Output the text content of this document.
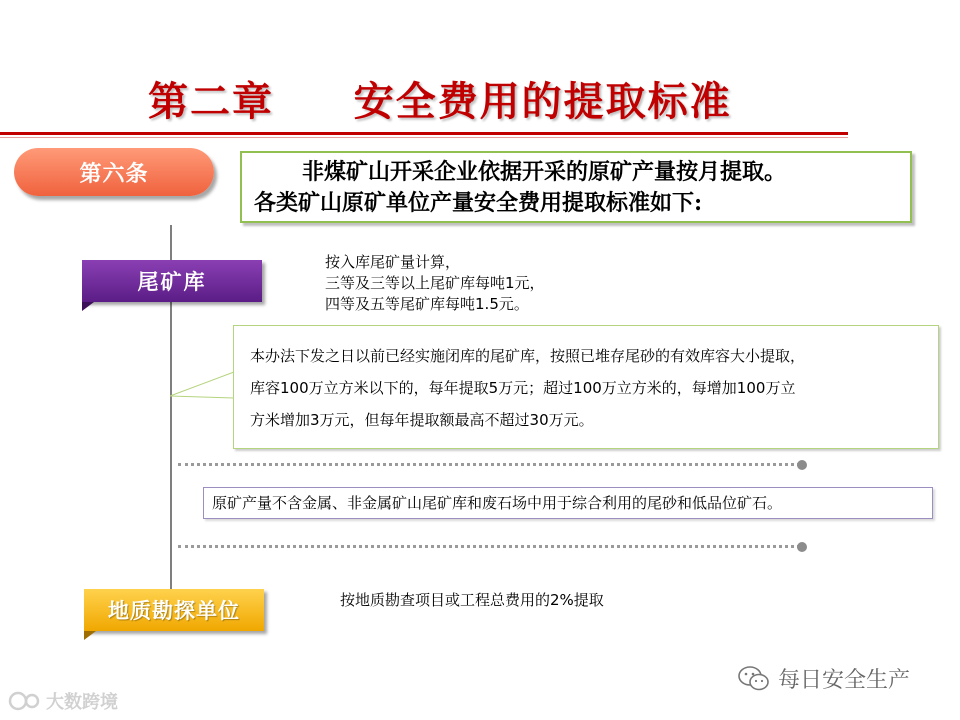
第二章     安全费用的提取标准
第六条	非煤矿山开采企业依据开采的原矿产量按月提取。
各类矿山原矿单位产量安全费用提取标准如下:
尾矿库
按入库尾矿量计算，
三等及三等以上尾矿库每吨1元，
四等及五等尾矿库每吨1.5元。
本办法下发之日以前已经实施闭库的尾矿库，按照已堆存尾砂的有效库容大小提取，
库容100万立方米以下的，每年提取5万元；超过100万立方米的，每增加100万立
方米增加3万元，但每年提取额最高不超过30万元。
原矿产量不含金属、非金属矿山尾矿库和废石场中用于综合利用的尾砂和低品位矿石。
地质勘探单位	按地质勘查项目或工程总费用的2%提取
大数跨境
每日安全生产
